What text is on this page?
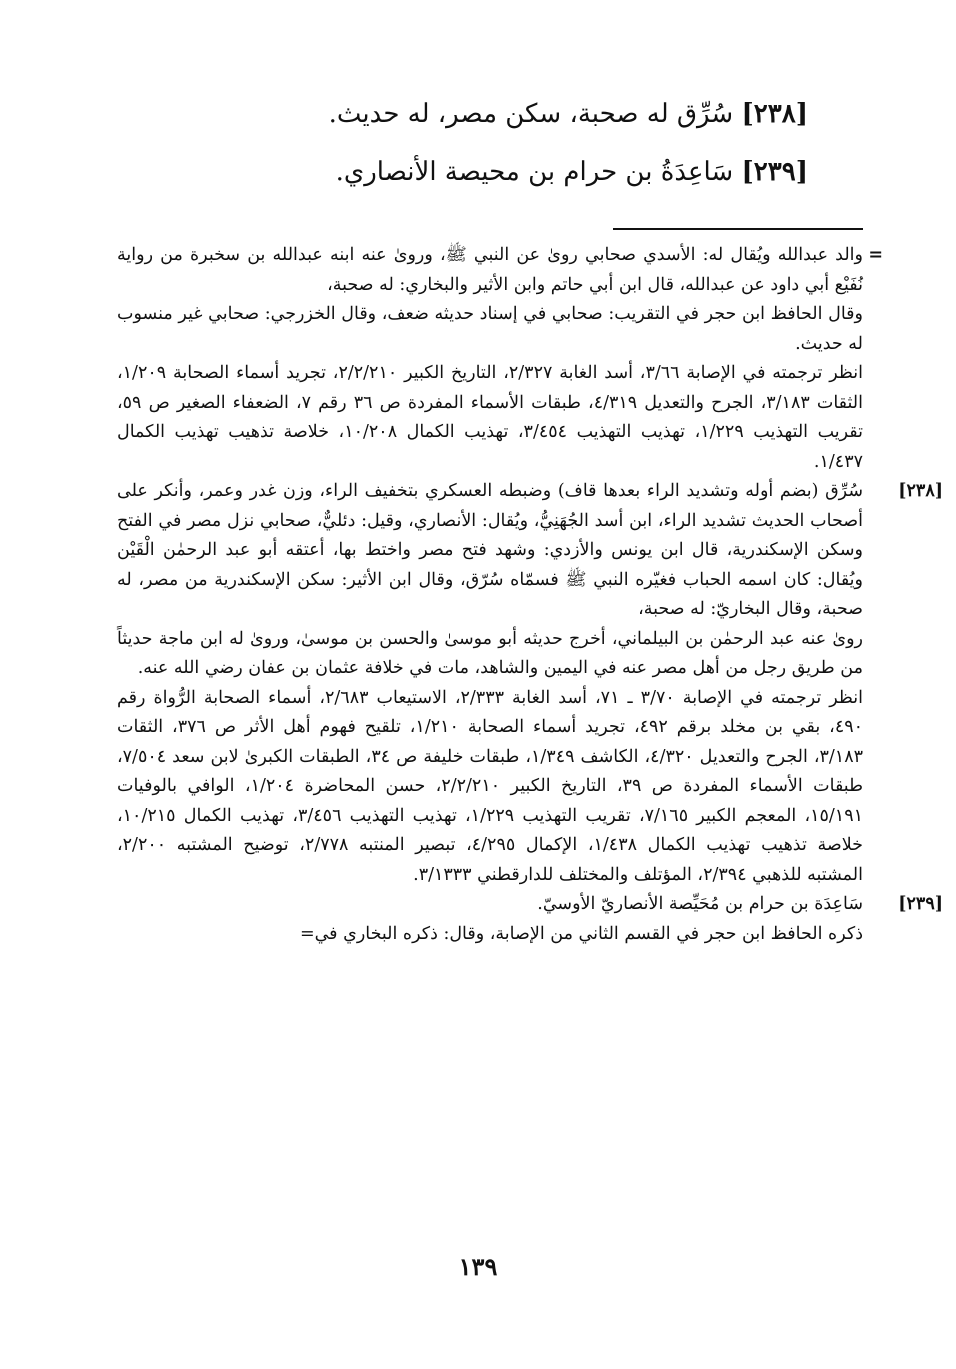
[٢٣٨] سُرِّق له صحبة، سكن مصر، له حديث.
[٢٣٩] سَاعِدَةُ بن حرام بن محيصة الأنصاري.
=
والد عبدالله ويُقال له: الأسدي صحابي روىٰ عن النبي ﷺ، وروىٰ عنه ابنه عبدالله بن سخبرة من رواية نُفَيْع أبي داود عن عبدالله، قال ابن أبي حاتم وابن الأثير والبخاري: له صحبة،
وقال الحافظ ابن حجر في التقريب: صحابي في إسناد حديثه ضعف، وقال الخزرجي: صحابي غير منسوب له حديث.
انظر ترجمته في الإصابة ٣/٦٦، أسد الغابة ٢/٣٢٧، التاريخ الكبير ٢/٢/٢١٠، تجريد أسماء الصحابة ١/٢٠٩، الثقات ٣/١٨٣، الجرح والتعديل ٤/٣١٩، طبقات الأسماء المفردة ص ٣٦ رقم ٧، الضعفاء الصغير ص ٥٩، تقريب التهذيب ١/٢٢٩، تهذيب التهذيب ٣/٤٥٤، تهذيب الكمال ١٠/٢٠٨، خلاصة تذهيب تهذيب الكمال ١/٤٣٧.
[٢٣٨]
سُرِّق (بضم أوله وتشديد الراء بعدها قاف) وضبطه العسكري بتخفيف الراء، وزن غدر وعمر، وأنكر على أصحاب الحديث تشديد الراء، ابن أسد الجُهَنِيُّ، ويُقال: الأنصاري، وقيل: دئليٌّ، صحابي نزل مصر في الفتح وسكن الإسكندرية، قال ابن يونس والأزدي: وشهد فتح مصر واختط بها، أعتقه أبو عبد الرحمٰن الْقَيْن ويُقال: كان اسمه الحباب فغيّره النبي ﷺ فسمّاه سُرّق، وقال ابن الأثير: سكن الإسكندرية من مصر، له صحبة، وقال البخاريّ: له صحبة،
روىٰ عنه عبد الرحمٰن بن البيلماني، أخرج حديثه أبو موسىٰ والحسن بن موسىٰ، وروىٰ له ابن ماجة حديثاً من طريق رجل من أهل مصر عنه في اليمين والشاهد، مات في خلافة عثمان بن عفان رضي الله عنه.
انظر ترجمته في الإصابة ٣/٧٠ ـ ٧١، أسد الغابة ٢/٣٣٣، الاستيعاب ٢/٦٨٣، أسماء الصحابة الرُّواة رقم ٤٩٠، بقي بن مخلد برقم ٤٩٢، تجريد أسماء الصحابة ١/٢١٠، تلقيح فهوم أهل الأثر ص ٣٧٦، الثقات ٣/١٨٣، الجرح والتعديل ٤/٣٢٠، الكاشف ١/٣٤٩، طبقات خليفة ص ٣٤، الطبقات الكبرىٰ لابن سعد ٧/٥٠٤، طبقات الأسماء المفردة ص ٣٩، التاريخ الكبير ٢/٢/٢١٠، حسن المحاضرة ١/٢٠٤، الوافي بالوفيات ١٥/١٩١، المعجم الكبير ٧/١٦٥، تقريب التهذيب ١/٢٢٩، تهذيب التهذيب ٣/٤٥٦، تهذيب الكمال ١٠/٢١٥، خلاصة تذهيب تهذيب الكمال ١/٤٣٨، الإكمال ٤/٢٩٥، تبصير المنتبه ٢/٧٧٨، توضيح المشتبه ٢/٢٠٠، المشتبه للذهبي ٢/٣٩٤، المؤتلف والمختلف للدارقطني ٣/١٣٣٣.
[٢٣٩]
سَاعِدَة بن حرام بن مُحَيِّصة الأنصاريّ الأوسيّ.
ذكره الحافظ ابن حجر في القسم الثاني من الإصابة، وقال: ذكره البخاري في=
١٣٩
